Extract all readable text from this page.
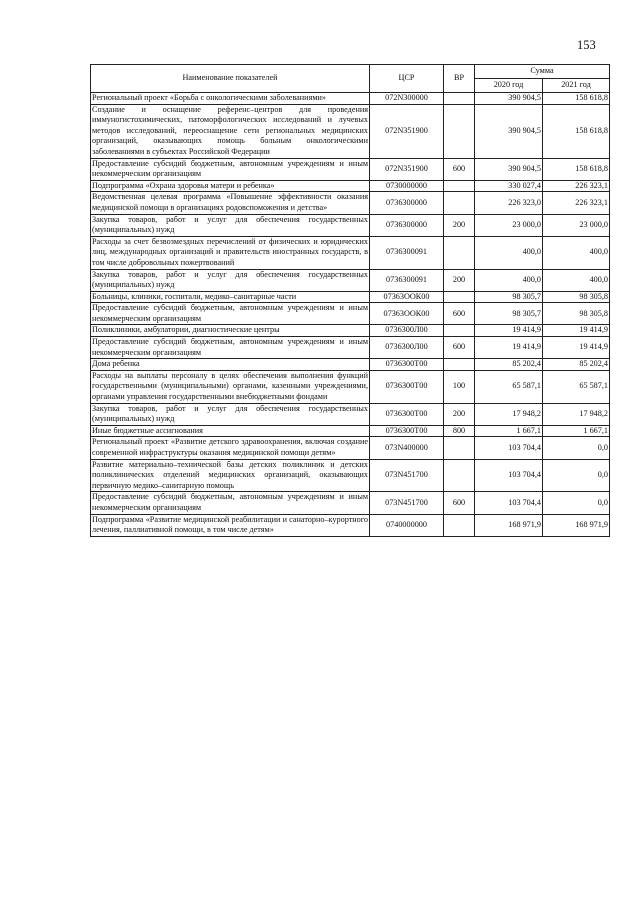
153
Наименование показателей	ЦСР	ВР	Сумма	
			2020 год	2021 год
Региональный проект «Борьба с онкологическими заболеваниями»	072N300000		390 904,5	158 618,8
Создание и оснащение референс–центров для проведения иммуногистохимических, патоморфологических исследований и лучевых методов исследований, переоснащение сети региональных медицинских организаций, оказывающих помощь больным онкологическими заболеваниями в субъектах Российской Федерации	072N351900		390 904,5	158 618,8
Предоставление субсидий бюджетным, автономным учреждениям и иным некоммерческим организациям	072N351900	600	390 904,5	158 618,8
Подпрограмма «Охрана здоровья матери и ребенка»	0730000000		330 027,4	226 323,1
Ведомственная целевая программа «Повышение эффективности оказания медицинской помощи в организациях родовспоможения и детства»	0736300000		226 323,0	226 323,1
Закупка товаров, работ и услуг для обеспечения государственных (муниципальных) нужд	0736300000	200	23 000,0	23 000,0
Расходы за счет безвозмездных перечислений от физических и юридических лиц, международных организаций и правительств иностранных государств, в том числе добровольных пожертвований	0736300091		400,0	400,0
Закупка товаров, работ и услуг для обеспечения государственных (муниципальных) нужд	0736300091	200	400,0	400,0
Больницы, клиники, госпитали, медико–санитарные части	07363ООК00		98 305,7	98 305,8
Предоставление субсидий бюджетным, автономным учреждениям и иным некоммерческим организациям	07363ООК00	600	98 305,7	98 305,8
Поликлиники, амбулатории, диагностические центры	0736300Л00		19 414,9	19 414,9
Предоставление субсидий бюджетным, автономным учреждениям и иным некоммерческим организациям	0736300Л00	600	19 414,9	19 414,9
Дома ребенка	0736300Т00		85 202,4	85 202,4
Расходы на выплаты персоналу в целях обеспечения выполнения функций государственными (муниципальными) органами, казенными учреждениями, органами управления государственными внебюджетными фондами	0736300Т00	100	65 587,1	65 587,1
Закупка товаров, работ и услуг для обеспечения государственных (муниципальных) нужд	0736300Т00	200	17 948,2	17 948,2
Иные бюджетные ассигнования	0736300Т00	800	1 667,1	1 667,1
Региональный проект «Развитие детского здравоохранения, включая создание современной инфраструктуры оказания медицинской помощи детям»	073N400000		103 704,4	0,0
Развитие материально–технической базы детских поликлиник и детских поликлинических отделений медицинских организаций, оказывающих первичную медико–санитарную помощь	073N451700		103 704,4	0,0
Предоставление субсидий бюджетным, автономным учреждениям и иным некоммерческим организациям	073N451700	600	103 704,4	0,0
Подпрограмма «Развитие медицинской реабилитации и санаторно–курортного лечения, паллиативной помощи, в том числе детям»	0740000000		168 971,9	168 971,9
